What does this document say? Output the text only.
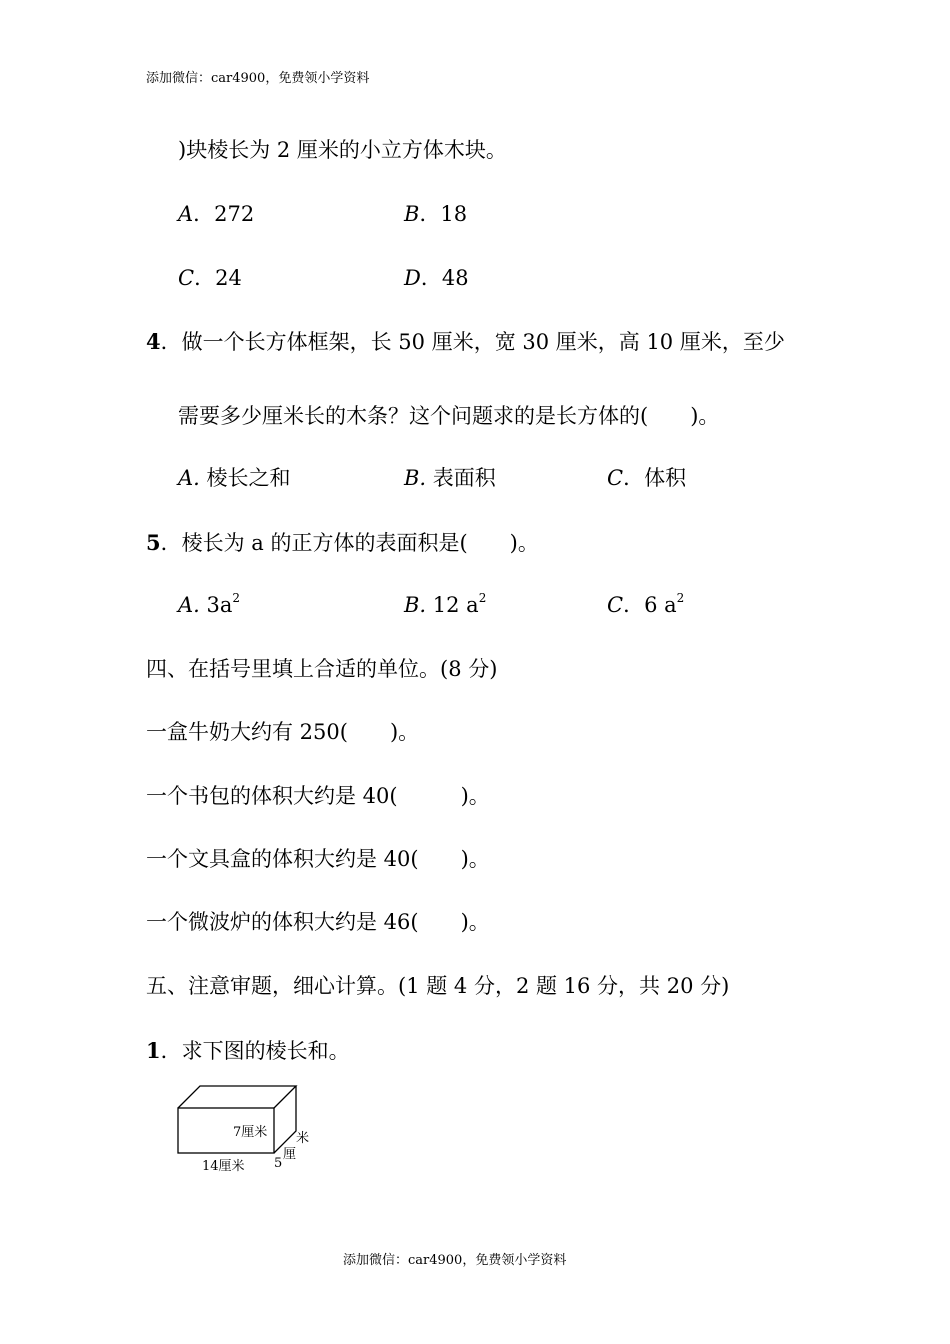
添加微信：car4900，免费领小学资料
)块棱长为 2 厘米的小立方体木块。
A．272	B．18
C．24	D．48
4．做一个长方体框架，长 50 厘米，宽 30 厘米，高 10 厘米，至少
需要多少厘米长的木条？这个问题求的是长方体的(　　)。
A. 棱长之和	B. 表面积	C．体积
5．棱长为 a 的正方体的表面积是(　　)。
A. $3a^2$	B. 12 $a^2$	C．6 $a^2$
四、在括号里填上合适的单位。(8 分)
一盒牛奶大约有 250(　　)。
一个书包的体积大约是 40(　　　)。
一个文具盒的体积大约是 40(　　)。
一个微波炉的体积大约是 46(　　)。
五、注意审题，细心计算。(1 题 4 分，2 题 16 分，共 20 分)
1．求下图的棱长和。
7厘米
14厘米 5
厘
米
添加微信：car4900，免费领小学资料
